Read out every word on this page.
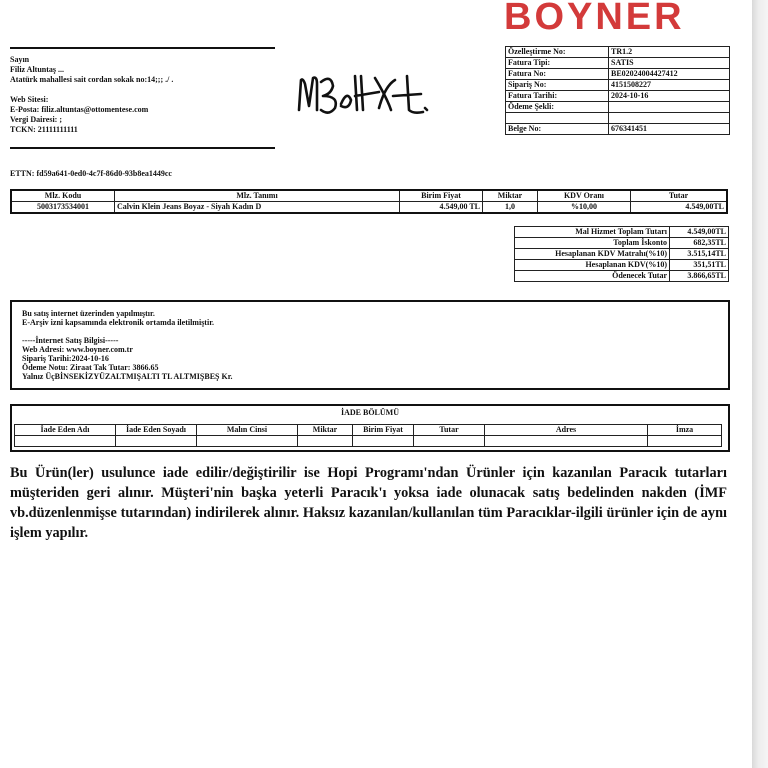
BOYNER
Sayın
Filiz Altuntaş ...
Atatürk mahallesi sait cordan sokak no:14;;; ./ .
Web Sitesi:
E-Posta: filiz.altuntas@ottomentese.com
Vergi Dairesi: ;
TCKN: 21111111111
Özelleştirme No:	TR1.2
Fatura Tipi:	SATIS
Fatura No:	BE02024004427412
Sipariş No:	4151508227
Fatura Tarihi:	2024-10-16
Ödeme Şekli:	

Belge No:	676341451
ETTN: fd59a641-0ed0-4c7f-86d0-93b8ea1449cc
Mlz. Kodu	Mlz. Tanımı	Birim Fiyat	Miktar	KDV Oranı	Tutar
5003173534001	Calvin Klein Jeans Boyaz - Siyah Kadın D	4.549,00 TL	1,0	%10,00	4.549,00TL
Mal Hizmet Toplam Tutarı	4.549,00TL
Toplam İskonto	682,35TL
Hesaplanan KDV Matrahı(%10)	3.515,14TL
Hesaplanan KDV(%10)	351,51TL
Ödenecek Tutar	3.866,65TL
Bu satış internet üzerinden yapılmıştır.
E-Arşiv izni kapsamında elektronik ortamda iletilmiştir.
-----İnternet Satış Bilgisi-----
Web Adresi: www.boyner.com.tr
Sipariş Tarihi:2024-10-16
Ödeme Notu: Ziraat Tak Tutar: 3866.65
Yalnız ÜçBİNSEKİZYÜZALTMIŞALTI TL ALTMIŞBEŞ Kr.
İADE BÖLÜMÜ
İade Eden Adı	İade Eden Soyadı	Malın Cinsi	Miktar	Birim Fiyat	Tutar	Adres	İmza

Bu Ürün(ler) usulunce iade edilir/değiştirilir ise Hopi Programı'ndan Ürünler için kazanılan Paracık tutarları müşteriden geri alınır. Müşteri'nin başka yeterli Paracık'ı yoksa iade olunacak satış bedelinden nakden (İMF vb.düzenlenmişse tutarından) indirilerek alınır. Haksız kazanılan/kullanılan tüm Paracıklar-ilgili ürünler için de aynı işlem yapılır.
